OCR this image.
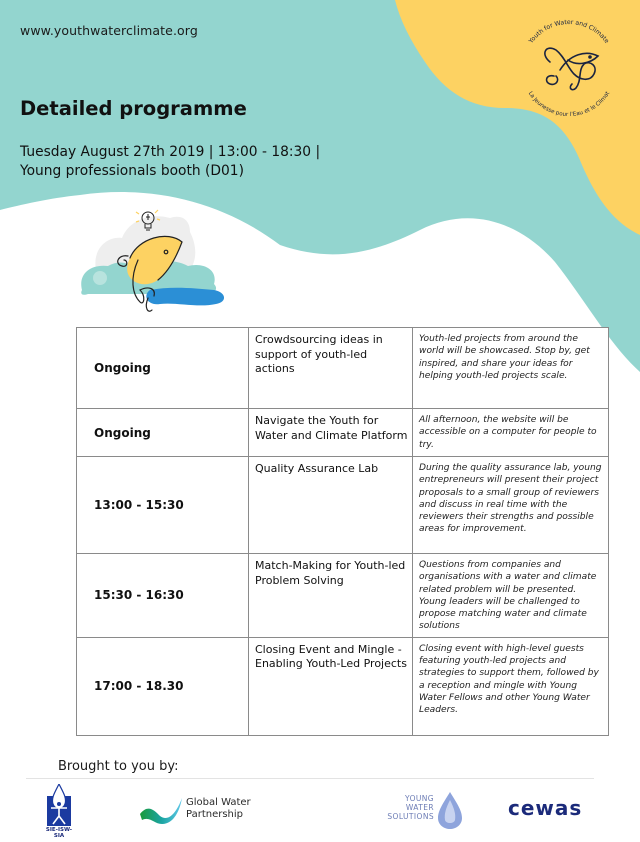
www.youthwaterclimate.org
Detailed programme
Tuesday August 27th 2019 | 13:00 - 18:30 |
Young professionals booth (D01)
Youth for Water and Climate
La Jeunesse pour l'Eau et le Climat
Ongoing	Crowdsourcing ideas in support of youth-led actions	Youth-led projects from around the world will be showcased. Stop by, get inspired, and share your ideas for helping youth-led projects scale.
Ongoing	Navigate the Youth for Water and Climate Platform	All afternoon, the website will be accessible on a computer for people to try.
13:00 - 15:30	Quality Assurance Lab	During the quality assurance lab, young entrepreneurs will present their project proposals to a small group of reviewers and discuss in real time with the reviewers their strengths and possible areas for improvement.
15:30 - 16:30	Match-Making for Youth-led Problem Solving	Questions from companies and organisations with a water and climate related problem will be presented. Young leaders will be challenged to propose matching water and climate solutions
17:00 - 18.30	Closing Event and Mingle - Enabling Youth-Led Projects	Closing event with high-level guests featuring youth-led projects and strategies to support them, followed by a reception and mingle with Young Water Fellows and other Young Water Leaders.
Brought to you by:
SIE-ISW-SIA
Global Water
Partnership
YOUNG
WATER
SOLUTIONS	cewas
